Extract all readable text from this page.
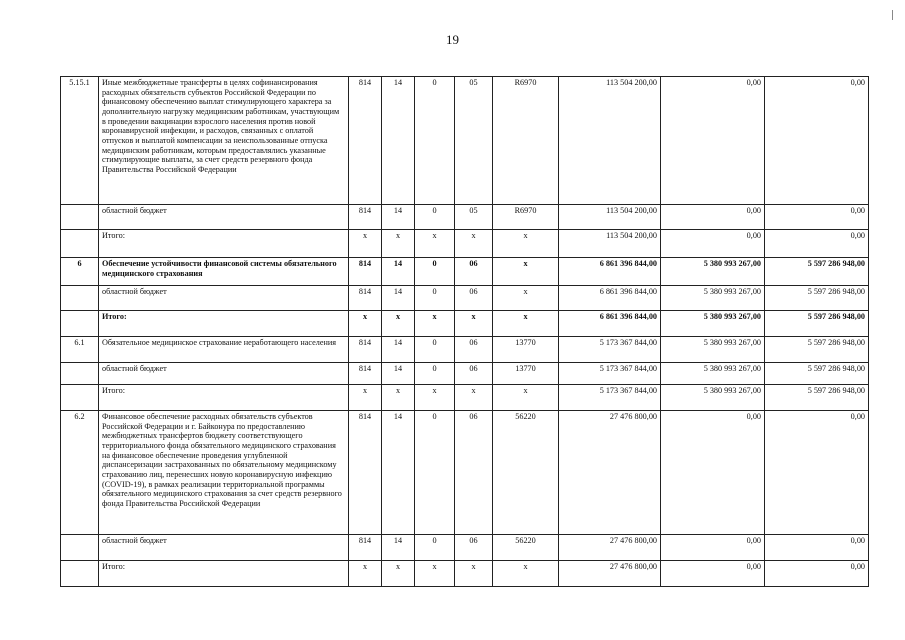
19
5.15.1	Иные межбюджетные трансферты в целях софинансирования расходных обязательств субъектов Российской Федерации по финансовому обеспечению выплат стимулирующего характера за дополнительную нагрузку медицинским работникам, участвующим в проведении вакцинации взрослого населения против новой коронавирусной инфекции, и расходов, связанных с оплатой отпусков и выплатой компенсации за неиспользованные отпуска медицинским работникам, которым предоставлялись указанные стимулирующие выплаты, за счет средств резервного фонда Правительства Российской Федерации	814	14	0	05	R6970	113 504 200,00	0,00	0,00
	областной бюджет	814	14	0	05	R6970	113 504 200,00	0,00	0,00
	Итого:	x	x	x	x	x	113 504 200,00	0,00	0,00
6	Обеспечение устойчивости финансовой системы обязательного медицинского страхования	814	14	0	06	x	6 861 396 844,00	5 380 993 267,00	5 597 286 948,00
	областной бюджет	814	14	0	06	x	6 861 396 844,00	5 380 993 267,00	5 597 286 948,00
	Итого:	x	x	x	x	x	6 861 396 844,00	5 380 993 267,00	5 597 286 948,00
6.1	Обязательное медицинское страхование неработающего населения	814	14	0	06	13770	5 173 367 844,00	5 380 993 267,00	5 597 286 948,00
	областной бюджет	814	14	0	06	13770	5 173 367 844,00	5 380 993 267,00	5 597 286 948,00
	Итого:	x	x	x	x	x	5 173 367 844,00	5 380 993 267,00	5 597 286 948,00
6.2	Финансовое обеспечение расходных обязательств субъектов Российской Федерации и г. Байконура по предоставлению межбюджетных трансфертов бюджету соответствующего территориального фонда обязательного медицинского страхования на финансовое обеспечение проведения углубленной диспансеризации застрахованных по обязательному медицинскому страхованию лиц, перенесших новую коронавирусную инфекцию (COVID-19), в рамках реализации территориальной программы обязательного медицинского страхования за счет средств резервного фонда Правительства Российской Федерации	814	14	0	06	56220	27 476 800,00	0,00	0,00
	областной бюджет	814	14	0	06	56220	27 476 800,00	0,00	0,00
	Итого:	x	x	x	x	x	27 476 800,00	0,00	0,00
